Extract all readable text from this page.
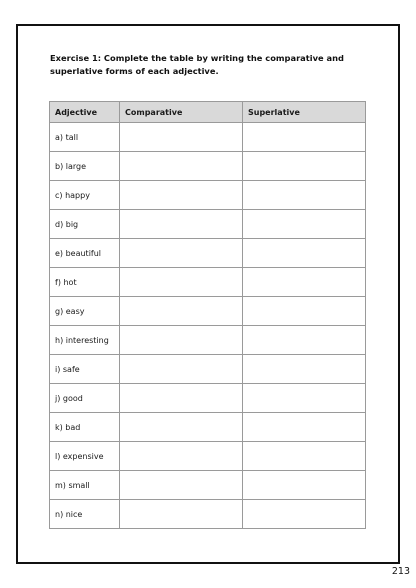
Exercise 1: Complete the table by writing the comparative and superlative forms of each adjective.

Adjective	Comparative	Superlative
a) tall		
b) large		
c) happy		
d) big		
e) beautiful		
f) hot		
g) easy		
h) interesting		
i) safe		
j) good		
k) bad		
l) expensive		
m) small		
n) nice		
213
